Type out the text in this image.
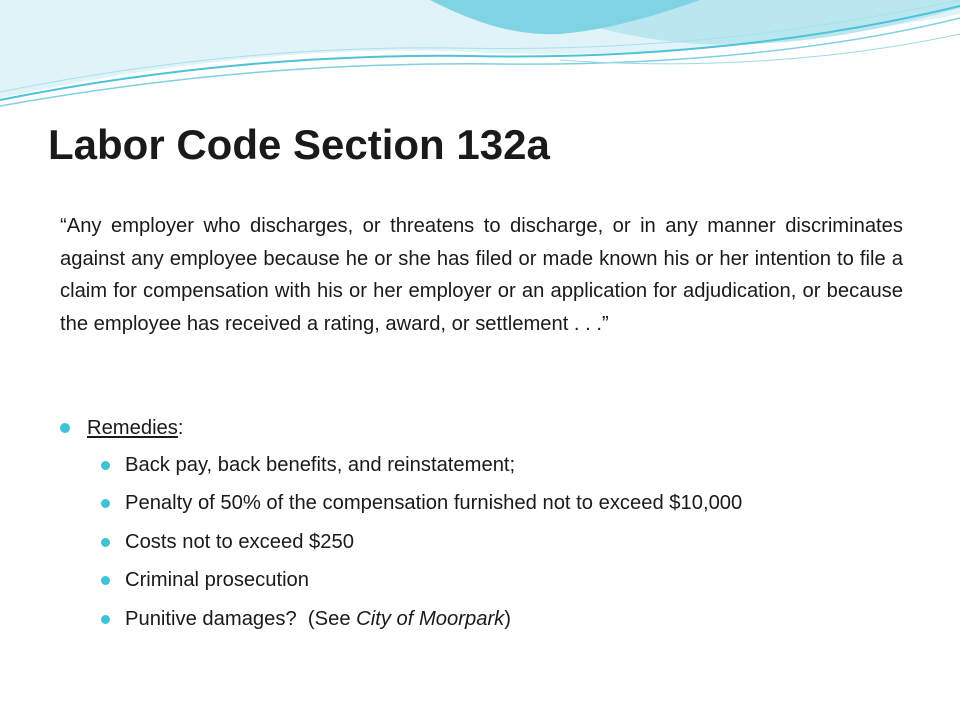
Labor Code Section 132a

“Any employer who discharges, or threatens to discharge, or in any manner discriminates against any employee because he or she has filed or made known his or her intention to file a claim for compensation with his or her employer or an application for adjudication, or because the employee has received a rating, award, or settlement . . .”

Remedies :
Back pay, back benefits, and reinstatement;
Penalty of 50% of the compensation furnished not to exceed $10,000
Costs not to exceed $250
Criminal prosecution
Punitive damages?  (See City of Moorpark)
